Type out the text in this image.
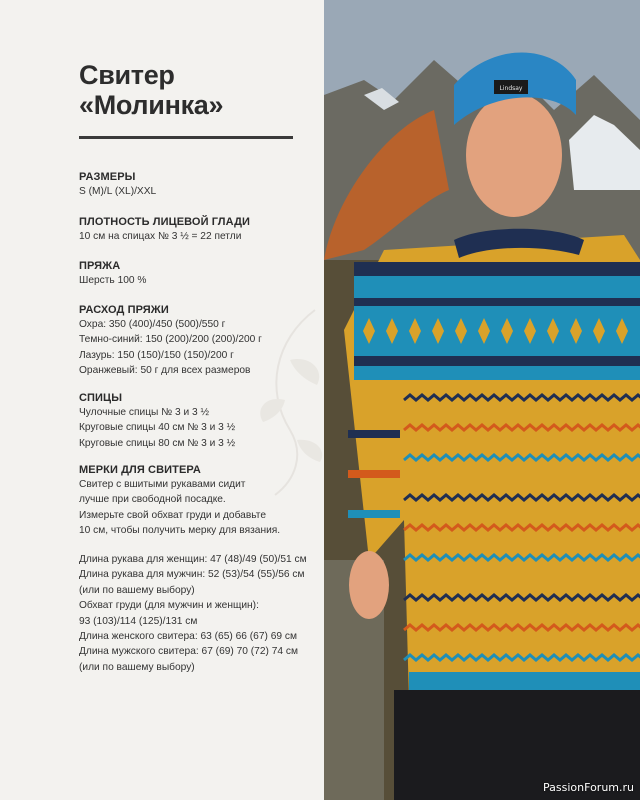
Свитер
«Молинка»
РАЗМЕРЫ
S (M)/L (XL)/XXL
ПЛОТНОСТЬ ЛИЦЕВОЙ ГЛАДИ
10 см на спицах № 3 ½ = 22 петли
ПРЯЖА
Шерсть 100 %
РАСХОД ПРЯЖИ
Охра: 350 (400)/450 (500)/550 г
Темно-синий: 150 (200)/200 (200)/200 г
Лазурь: 150 (150)/150 (150)/200 г
Оранжевый: 50 г для всех размеров
СПИЦЫ
Чулочные спицы № 3 и 3 ½
Круговые спицы 40 см № 3 и 3 ½
Круговые спицы 80 см № 3 и 3 ½
МЕРКИ ДЛЯ СВИТЕРА
Свитер с вшитыми рукавами сидит
лучше при свободной посадке.
Измерьте свой обхват груди и добавьте
10 см, чтобы получить мерку для вязания.
Длина рукава для женщин: 47 (48)/49 (50)/51 см
Длина рукава для мужчин: 52 (53)/54 (55)/56 см
(или по вашему выбору)
Обхват груди (для мужчин и женщин):
93 (103)/114 (125)/131 см
Длина женского свитера: 63 (65) 66 (67) 69 см
Длина мужского свитера: 67 (69) 70 (72) 74 см
(или по вашему выбору)
Lindsay
PassionForum.ru
